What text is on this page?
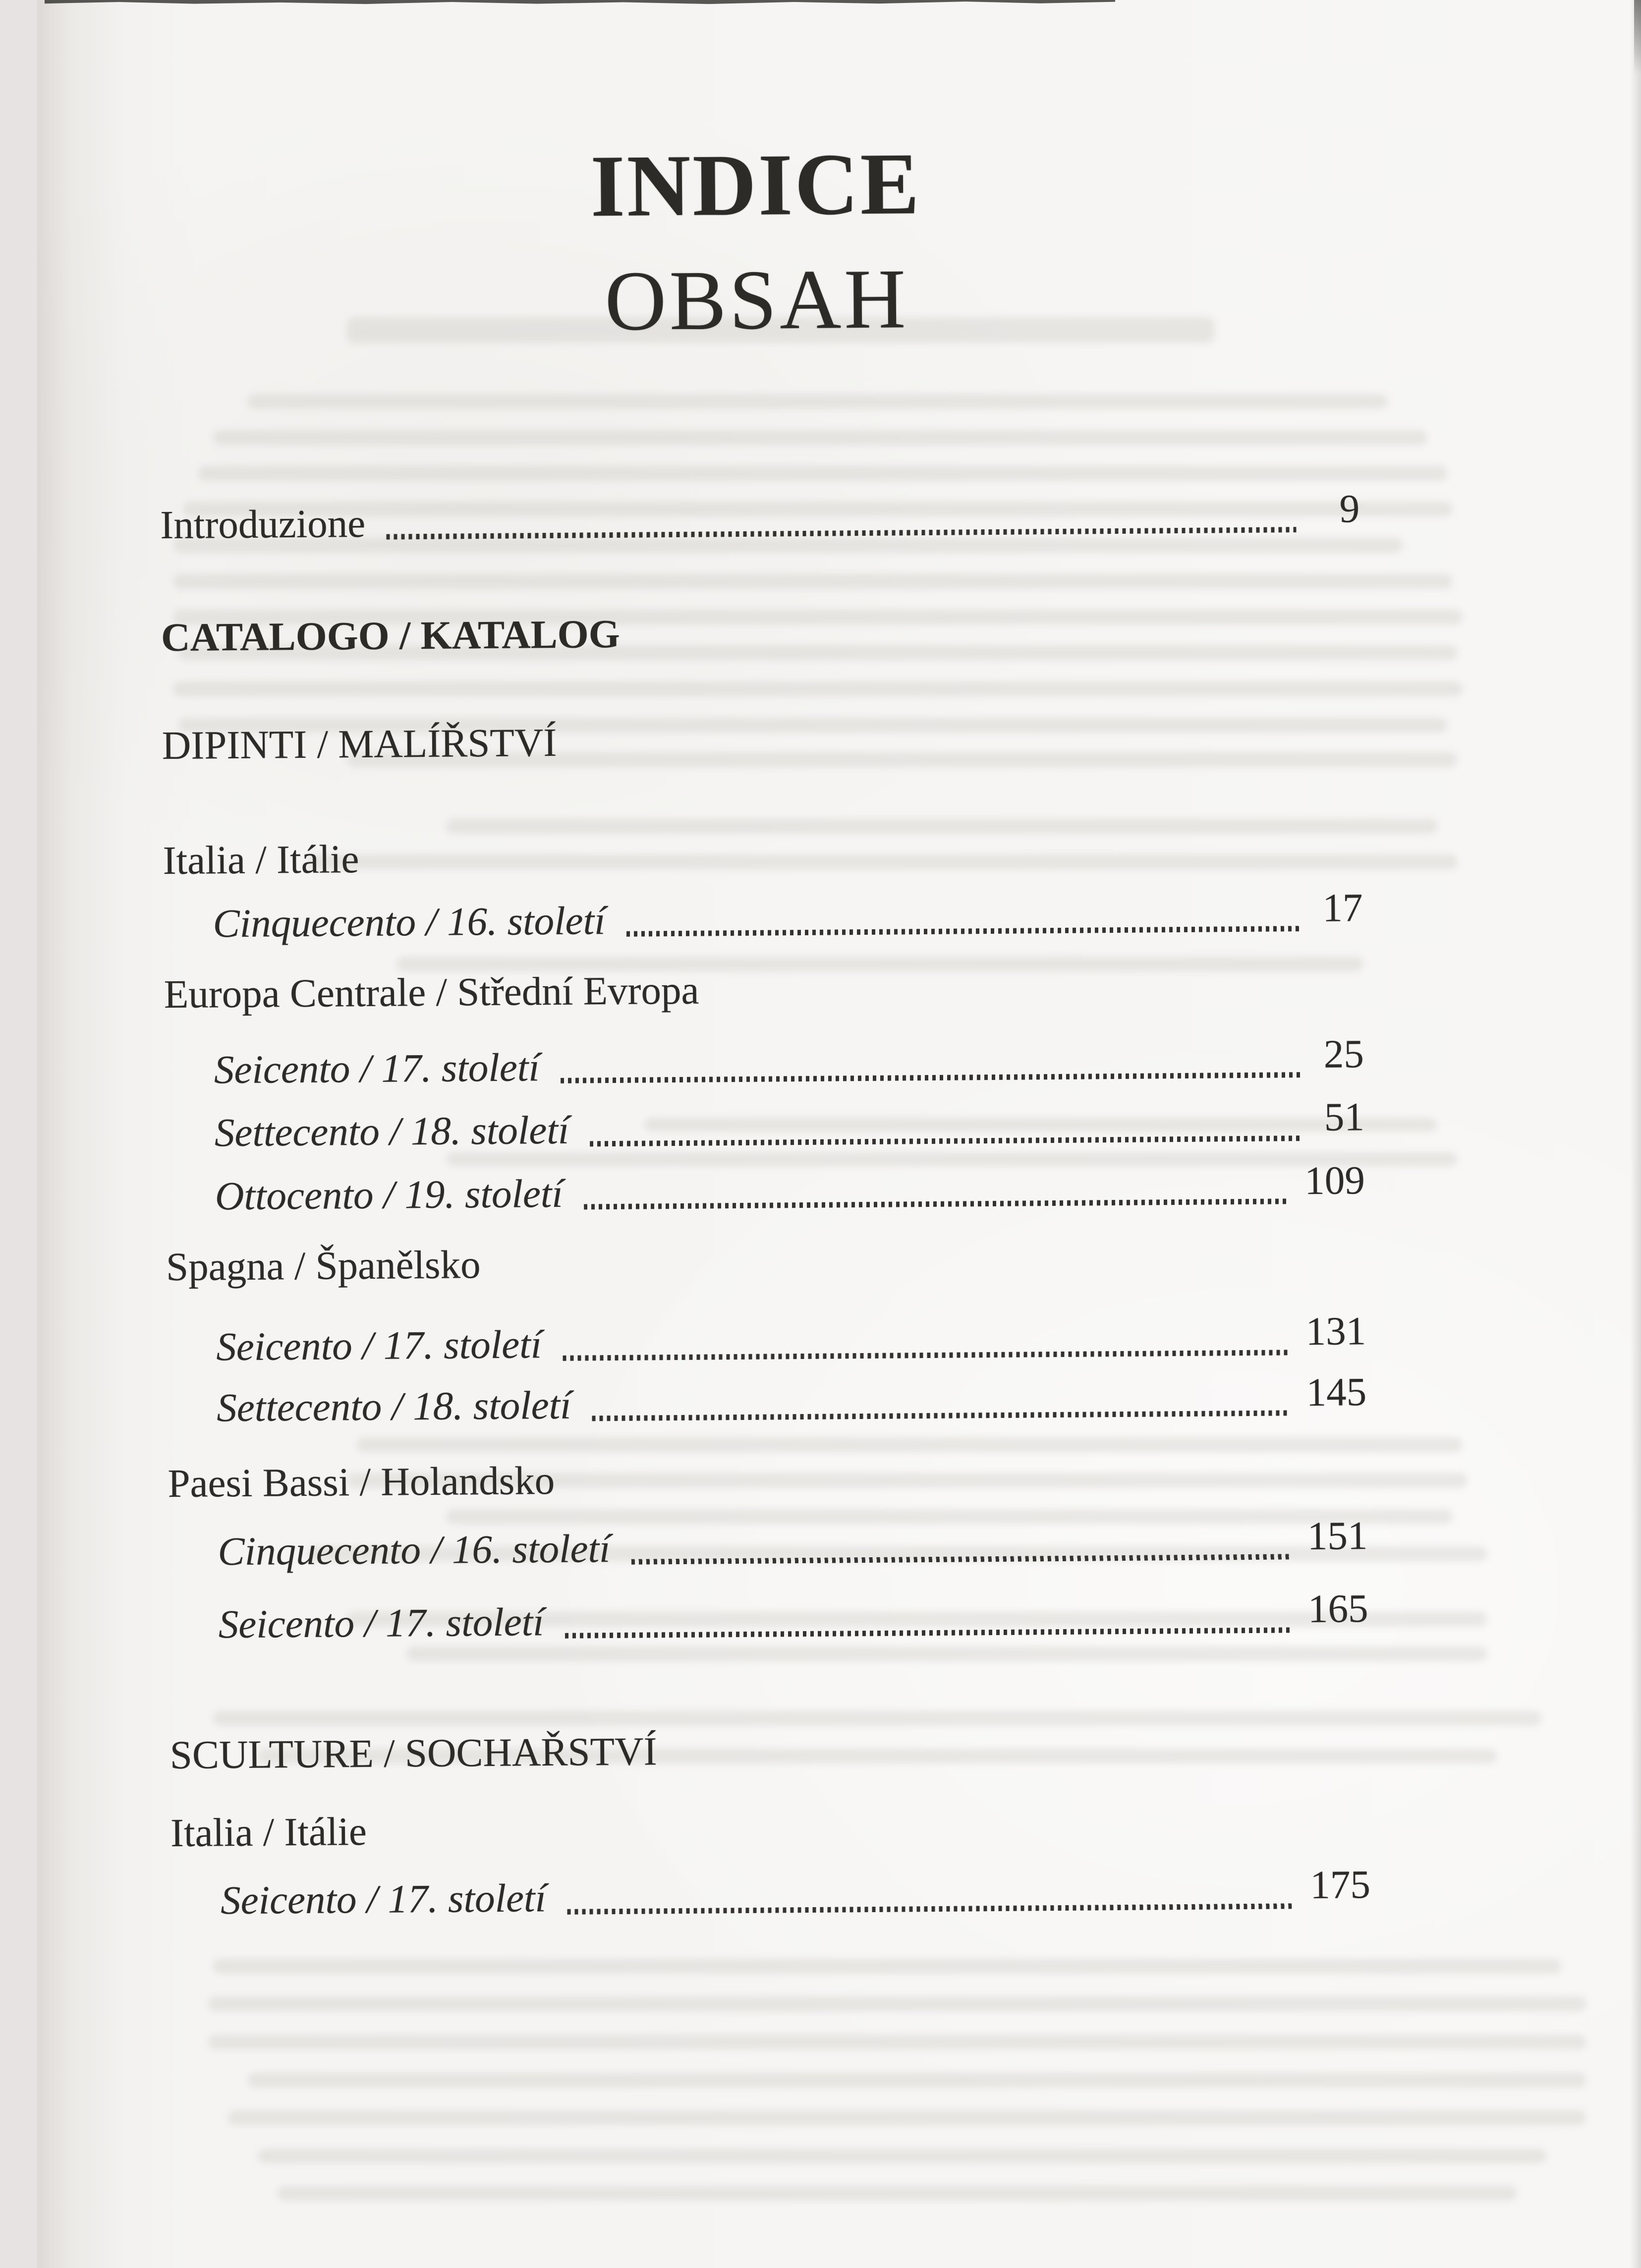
INDICE
OBSAH
Introduzione	9
CATALOGO / KATALOG
DIPINTI / MALÍŘSTVÍ
Italia / Itálie
Cinquecento / 16. století	17
Europa Centrale / Střední Evropa
Seicento / 17. století	25
Settecento / 18. století	51
Ottocento / 19. století	109
Spagna / Španělsko
Seicento / 17. století	131
Settecento / 18. století	145
Paesi Bassi / Holandsko
Cinquecento / 16. století	151
Seicento / 17. století	165
SCULTURE / SOCHAŘSTVÍ
Italia / Itálie
Seicento / 17. století	175
